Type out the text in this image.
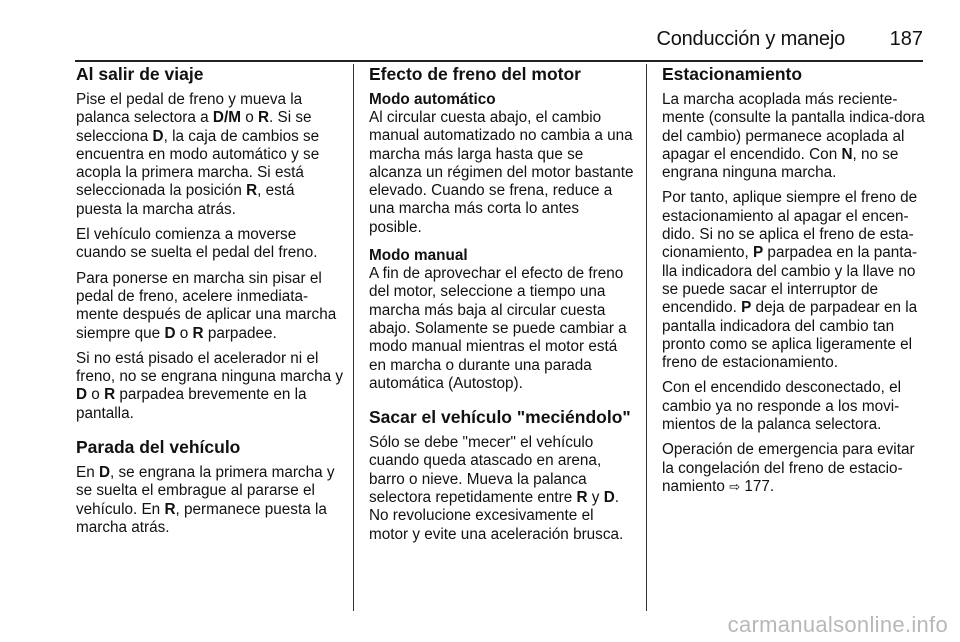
Conducción y manejo 187
Al salir de viaje

Pise el pedal de freno y mueva la palanca selectora a D/M o R. Si se selecciona D, la caja de cambios se encuentra en modo automático y se acopla la primera marcha. Si está seleccionada la posición R, está puesta la marcha atrás.

El vehículo comienza a moverse cuando se suelta el pedal del freno.

Para ponerse en marcha sin pisar el pedal de freno, acelere inmediata-mente después de aplicar una marcha siempre que D o R parpadee.

Si no está pisado el acelerador ni el freno, no se engrana ninguna marcha y D o R parpadea brevemente en la pantalla.

Parada del vehículo

En D, se engrana la primera marcha y se suelta el embrague al pararse el vehículo. En R, permanece puesta la marcha atrás.

Efecto de freno del motor
Modo automático

Al circular cuesta abajo, el cambio manual automatizado no cambia a una marcha más larga hasta que se alcanza un régimen del motor bastante elevado. Cuando se frena, reduce a una marcha más corta lo antes posible.

Modo manual

A fin de aprovechar el efecto de freno del motor, seleccione a tiempo una marcha más baja al circular cuesta abajo. Solamente se puede cambiar a modo manual mientras el motor está en marcha o durante una parada automática (Autostop).

Sacar el vehículo "meciéndolo"

Sólo se debe "mecer" el vehículo cuando queda atascado en arena, barro o nieve. Mueva la palanca selectora repetidamente entre R y D. No revolucione excesivamente el motor y evite una aceleración brusca.

Estacionamiento

La marcha acoplada más reciente-mente (consulte la pantalla indica-dora del cambio) permanece acoplada al apagar el encendido. Con N, no se engrana ninguna marcha.

Por tanto, aplique siempre el freno de estacionamiento al apagar el encen-dido. Si no se aplica el freno de esta-cionamiento, P parpadea en la panta-lla indicadora del cambio y la llave no se puede sacar el interruptor de encendido. P deja de parpadear en la pantalla indicadora del cambio tan pronto como se aplica ligeramente el freno de estacionamiento.

Con el encendido desconectado, el cambio ya no responde a los movi-mientos de la palanca selectora.

Operación de emergencia para evitar la congelación del freno de estacio-namiento ⇨ 177.

carmanualsonline.info
